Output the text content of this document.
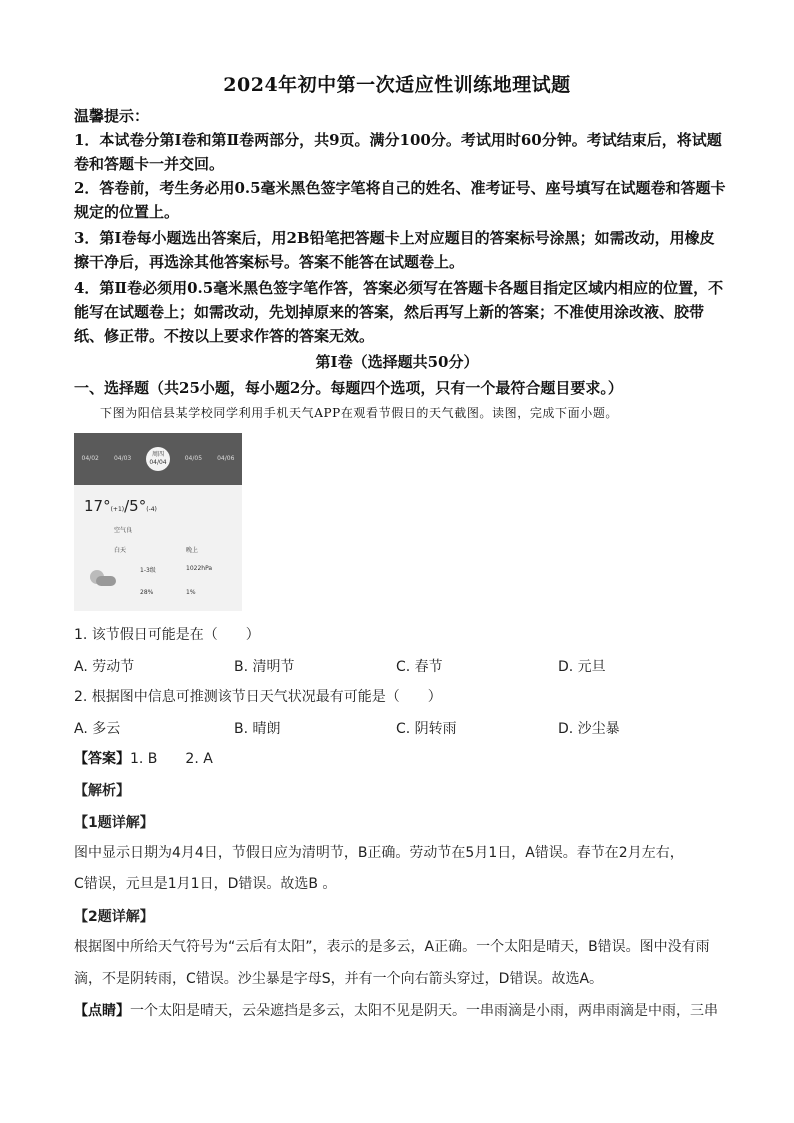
2024年初中第一次适应性训练地理试题
温馨提示：
1．本试卷分第Ⅰ卷和第Ⅱ卷两部分，共9页。满分100分。考试用时60分钟。考试结束后，将试题卷和答题卡一并交回。
2．答卷前，考生务必用0.5毫米黑色签字笔将自己的姓名、准考证号、座号填写在试题卷和答题卡规定的位置上。
3．第Ⅰ卷每小题选出答案后，用2B铅笔把答题卡上对应题目的答案标号涂黑；如需改动，用橡皮擦干净后，再选涂其他答案标号。答案不能答在试题卷上。
4．第Ⅱ卷必须用0.5毫米黑色签字笔作答，答案必须写在答题卡各题目指定区域内相应的位置，不能写在试题卷上；如需改动，先划掉原来的答案，然后再写上新的答案；不准使用涂改液、胶带纸、修正带。不按以上要求作答的答案无效。
第Ⅰ卷（选择题共50分）
一、选择题（共25小题，每小题2分。每题四个选项，只有一个最符合题目要求。）
下图为阳信县某学校同学利用手机天气APP在观看节假日的天气截图。读图，完成下面小题。
04/02	04/03
周四
04/04
04/05	04/06
17°(+1)/5°(-4)
空气良
白天	晚上
1-3级	1022hPa
28%	1%
1. 该节假日可能是在（　　）
A. 劳动节	B. 清明节	C. 春节	D. 元旦
2. 根据图中信息可推测该节日天气状况最有可能是（　　）
A. 多云	B. 晴朗	C. 阴转雨	D. 沙尘暴
【答案】1. B　　2. A
【解析】
【1题详解】
图中显示日期为4月4日，节假日应为清明节，B正确。劳动节在5月1日，A错误。春节在2月左右，
C错误，元旦是1月1日，D错误。故选B 。
【2题详解】
根据图中所给天气符号为“云后有太阳”，表示的是多云，A正确。一个太阳是晴天，B错误。图中没有雨
滴，不是阴转雨，C错误。沙尘暴是字母S，并有一个向右箭头穿过，D错误。故选A。
【点睛】一个太阳是晴天，云朵遮挡是多云，太阳不见是阴天。一串雨滴是小雨，两串雨滴是中雨，三串
